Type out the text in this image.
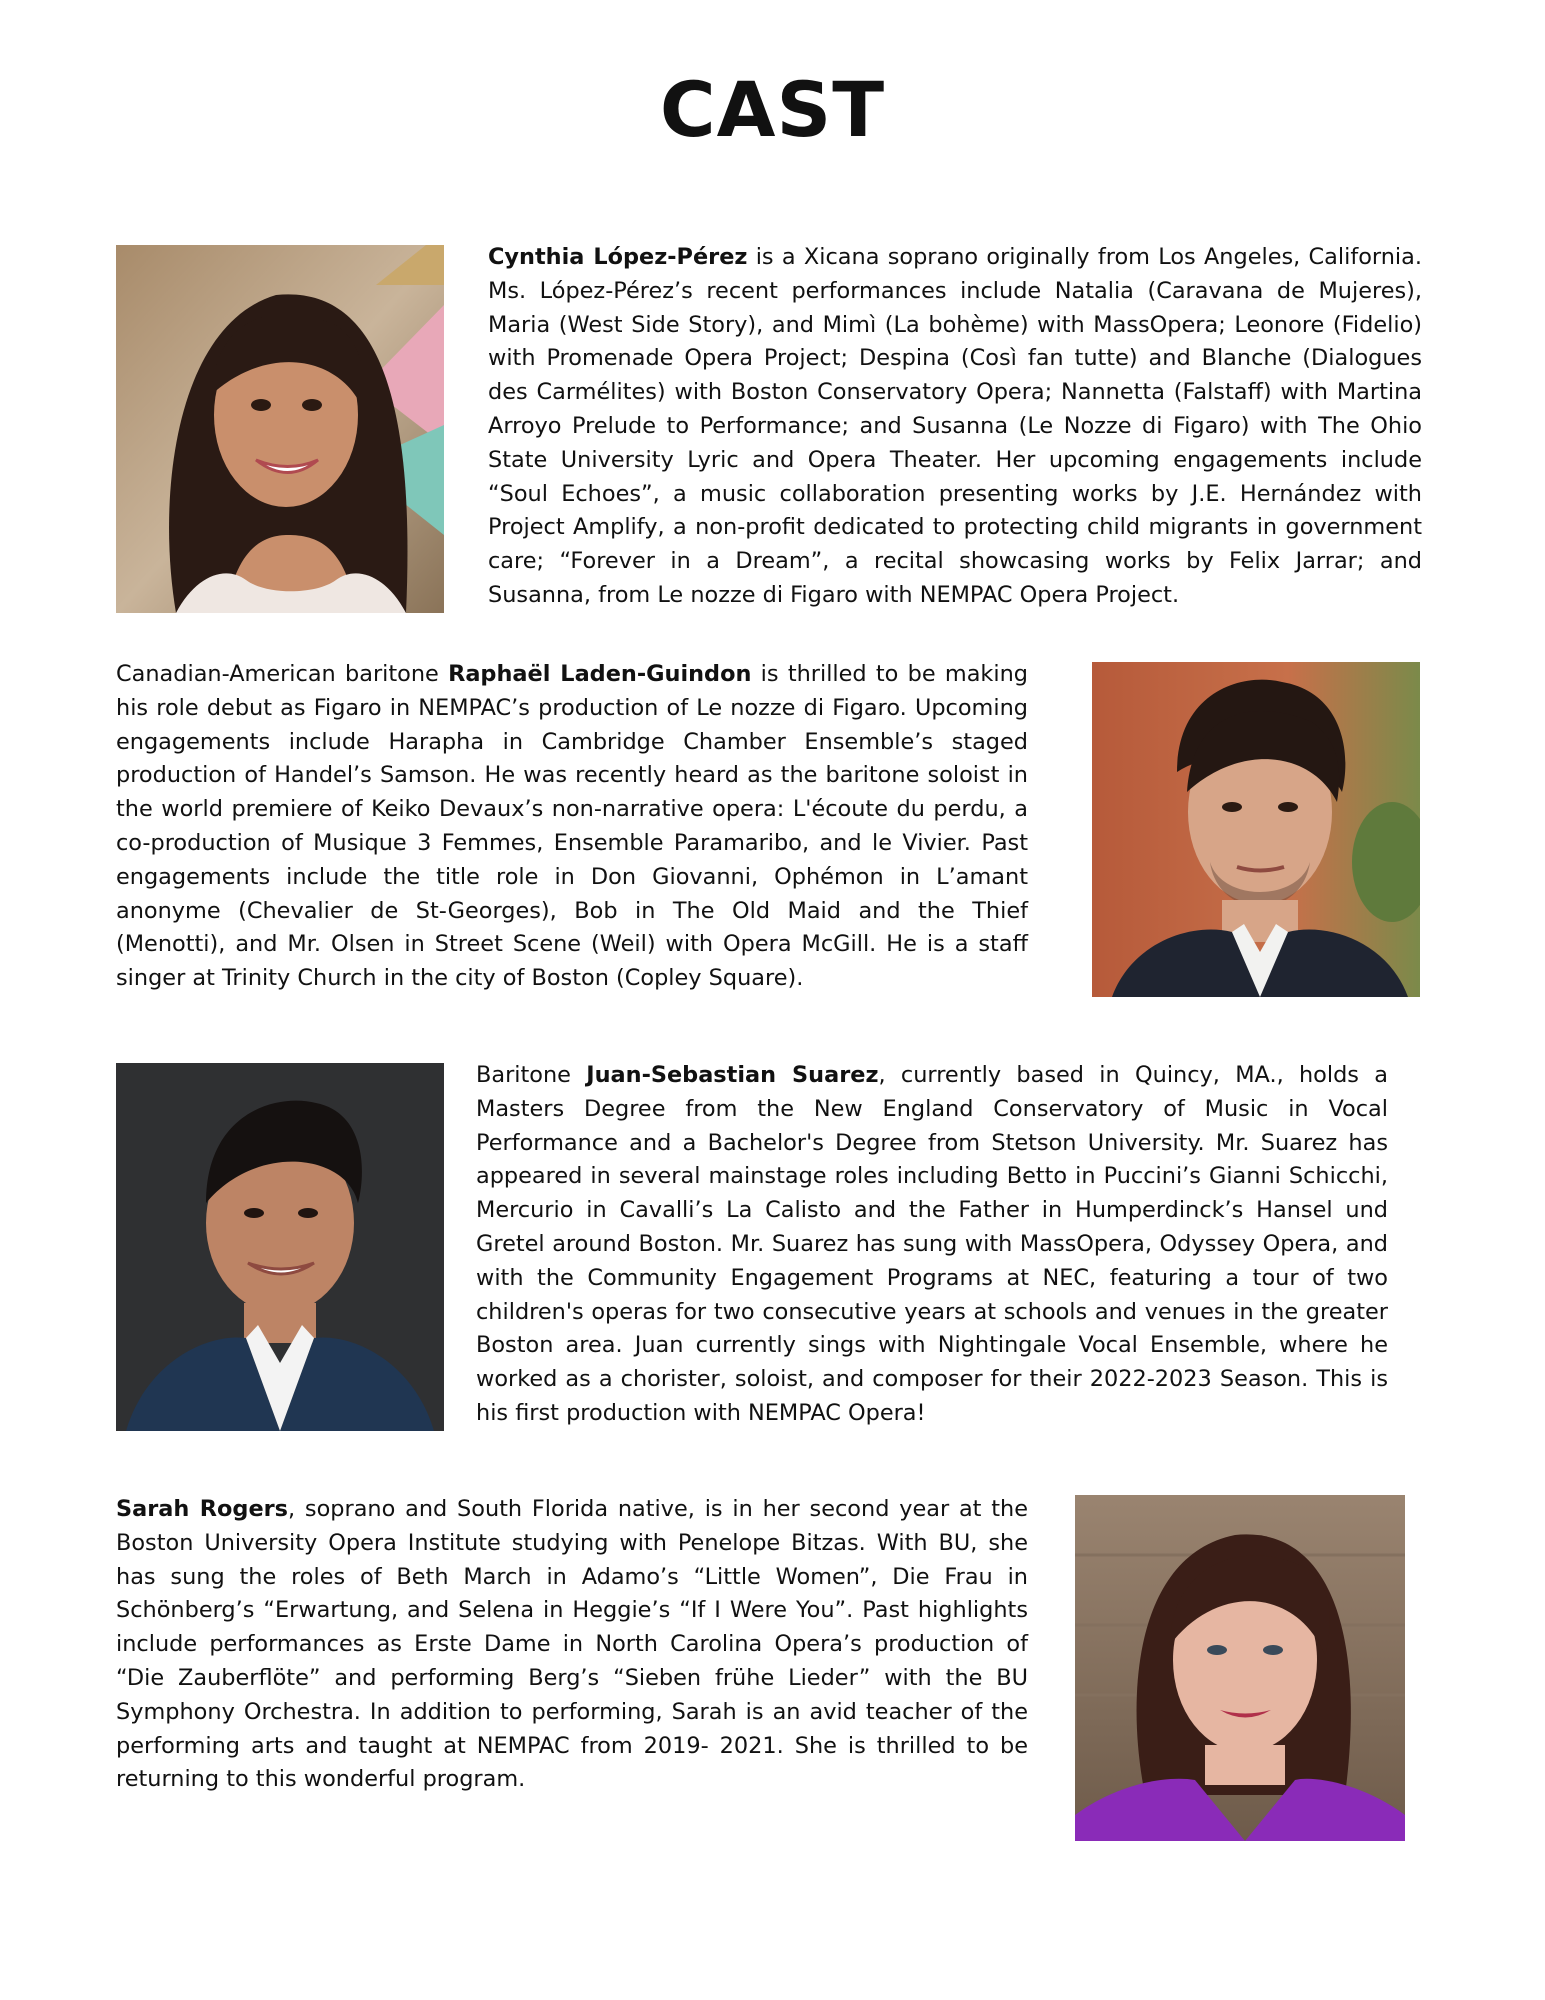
CAST

Cynthia López-Pérez is a Xicana soprano originally from Los Angeles, California. Ms. López-Pérez’s recent performances include Natalia (Caravana de Mujeres), Maria (West Side Story), and Mimì (La bohème) with MassOpera; Leonore (Fidelio) with Promenade Opera Project; Despina (Così fan tutte) and Blanche (Dialogues des Carmélites) with Boston Conservatory Opera; Nannetta (Falstaff) with Martina Arroyo Prelude to Performance; and Susanna (Le Nozze di Figaro) with The Ohio State University Lyric and Opera Theater. Her upcoming engagements include “Soul Echoes”, a music collaboration presenting works by J.E. Hernández with Project Amplify, a non-profit dedicated to protecting child migrants in government care; “Forever in a Dream”, a recital showcasing works by Felix Jarrar; and Susanna, from Le nozze di Figaro with NEMPAC Opera Project.

Canadian-American baritone Raphaël Laden-Guindon is thrilled to be making his role debut as Figaro in NEMPAC’s production of Le nozze di Figaro. Upcoming engagements include Harapha in Cambridge Chamber Ensemble’s staged production of Handel’s Samson. He was recently heard as the baritone soloist in the world premiere of Keiko Devaux’s non-narrative opera: L'écoute du perdu, a co-production of Musique 3 Femmes, Ensemble Paramaribo, and le Vivier. Past engagements include the title role in Don Giovanni, Ophémon in L’amant anonyme (Chevalier de St-Georges), Bob in The Old Maid and the Thief (Menotti), and Mr. Olsen in Street Scene (Weil) with Opera McGill. He is a staff singer at Trinity Church in the city of Boston (Copley Square).

Baritone Juan-Sebastian Suarez, currently based in Quincy, MA., holds a Masters Degree from the New England Conservatory of Music in Vocal Performance and a Bachelor's Degree from Stetson University. Mr. Suarez has appeared in several mainstage roles including Betto in Puccini’s Gianni Schicchi, Mercurio in Cavalli’s La Calisto and the Father in Humperdinck’s Hansel und Gretel around Boston. Mr. Suarez has sung with MassOpera, Odyssey Opera, and with the Community Engagement Programs at NEC, featuring a tour of two children's operas for two consecutive years at schools and venues in the greater Boston area. Juan currently sings with Nightingale Vocal Ensemble, where he worked as a chorister, soloist, and composer for their 2022-2023 Season. This is his first production with NEMPAC Opera!

Sarah Rogers, soprano and South Florida native, is in her second year at the Boston University Opera Institute studying with Penelope Bitzas. With BU, she has sung the roles of Beth March in Adamo’s “Little Women”, Die Frau in Schönberg’s “Erwartung, and Selena in Heggie’s “If I Were You”. Past highlights include performances as Erste Dame in North Carolina Opera’s production of “Die Zauberflöte” and performing Berg’s “Sieben frühe Lieder” with the BU Symphony Orchestra. In addition to performing, Sarah is an avid teacher of the performing arts and taught at NEMPAC from 2019- 2021. She is thrilled to be returning to this wonderful program.
